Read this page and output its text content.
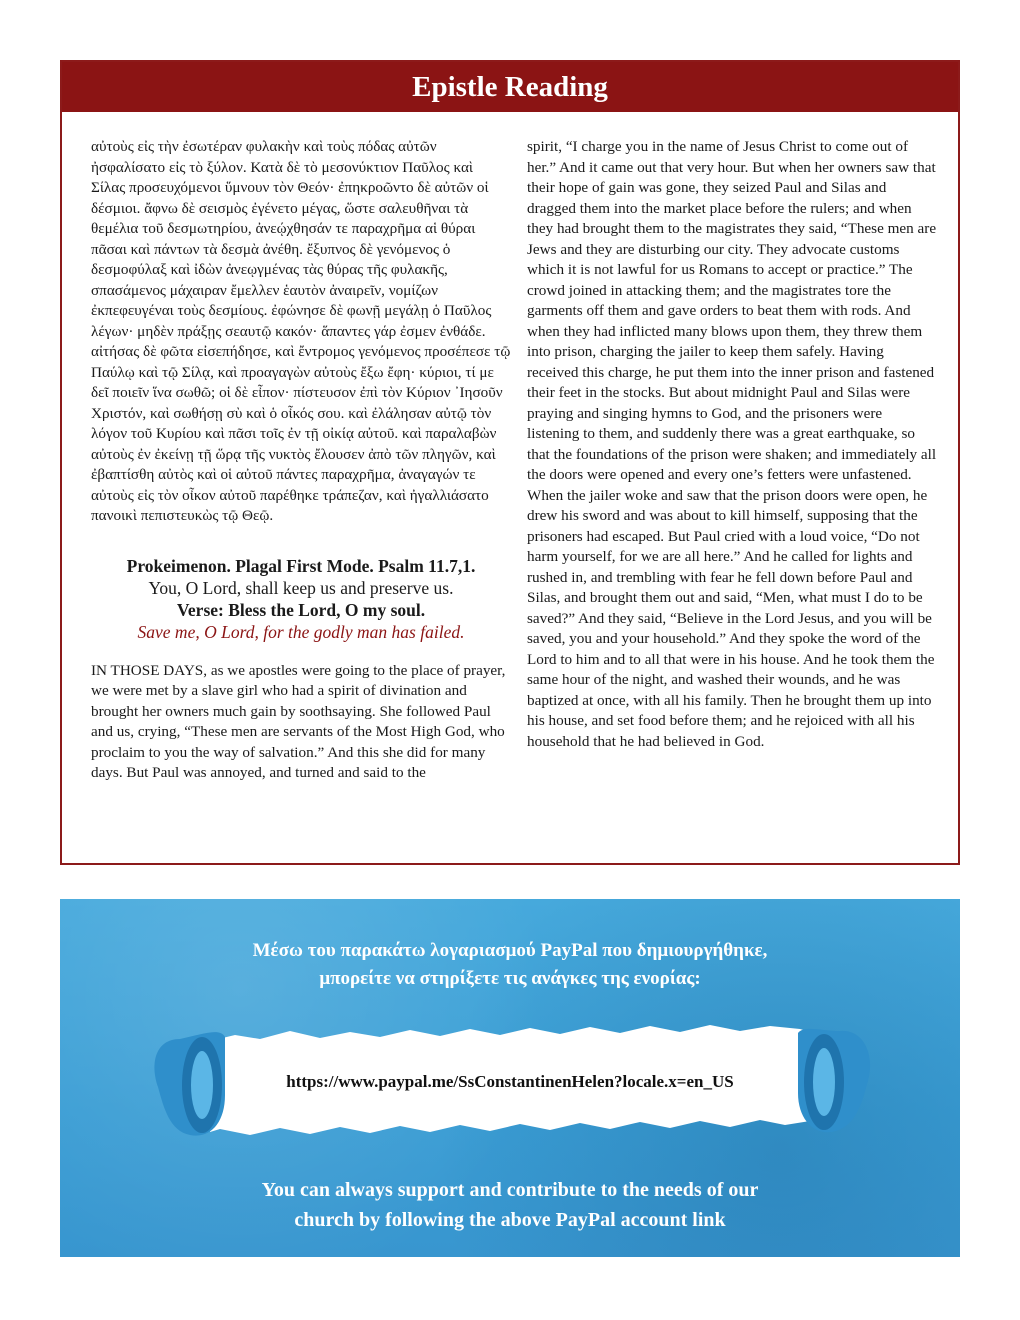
Epistle Reading

αὐτοὺς εἰς τὴν ἐσωτέραν φυλακὴν καὶ τοὺς πόδας αὐτῶν ἠσφαλίσατο εἰς τὸ ξύλον. Κατὰ δὲ τὸ μεσονύκτιον Παῦλος καὶ Σίλας προσευχόμενοι ὕμνουν τὸν Θεόν· ἐπηκροῶντο δὲ αὐτῶν οἱ δέσμιοι. ἄφνω δὲ σεισμὸς ἐγένετο μέγας, ὥστε σαλευθῆναι τὰ θεμέλια τοῦ δεσμωτηρίου, ἀνεῴχθησάν τε παραχρῆμα αἱ θύραι πᾶσαι καὶ πάντων τὰ δεσμὰ ἀνέθη. ἔξυπνος δὲ γενόμενος ὁ δεσμοφύλαξ καὶ ἰδὼν ἀνεῳγμένας τὰς θύρας τῆς φυλακῆς, σπασάμενος μάχαιραν ἔμελλεν ἑαυτὸν ἀναιρεῖν, νομίζων ἐκπεφευγέναι τοὺς δεσμίους. ἐφώνησε δὲ φωνῇ μεγάλῃ ὁ Παῦλος λέγων· μηδὲν πράξῃς σεαυτῷ κακόν· ἅπαντες γάρ ἐσμεν ἐνθάδε. αἰτήσας δὲ φῶτα εἰσεπήδησε, καὶ ἔντρομος γενόμενος προσέπεσε τῷ Παύλῳ καὶ τῷ Σίλᾳ, καὶ προαγαγὼν αὐτοὺς ἔξω ἔφη· κύριοι, τί με δεῖ ποιεῖν ἵνα σωθῶ; οἱ δὲ εἶπον· πίστευσον ἐπὶ τὸν Κύριον ᾿Ιησοῦν Χριστόν, καὶ σωθήσῃ σὺ καὶ ὁ οἶκός σου. καὶ ἐλάλησαν αὐτῷ τὸν λόγον τοῦ Κυρίου καὶ πᾶσι τοῖς ἐν τῇ οἰκίᾳ αὐτοῦ. καὶ παραλαβὼν αὐτοὺς ἐν ἐκείνῃ τῇ ὥρᾳ τῆς νυκτὸς ἔλουσεν ἀπὸ τῶν πληγῶν, καὶ ἐβαπτίσθη αὐτὸς καὶ οἱ αὐτοῦ πάντες παραχρῆμα, ἀναγαγών τε αὐτοὺς εἰς τὸν οἶκον αὐτοῦ παρέθηκε τράπεζαν, καὶ ἠγαλλιάσατο πανοικὶ πεπιστευκὼς τῷ Θεῷ.

Prokeimenon. Plagal First Mode. Psalm 11.7,1.
You, O Lord, shall keep us and preserve us.
Verse: Bless the Lord, O my soul.
Save me, O Lord, for the godly man has failed.

IN THOSE DAYS, as we apostles were going to the place of prayer, we were met by a slave girl who had a spirit of divination and brought her owners much gain by soothsaying. She followed Paul and us, crying, “These men are servants of the Most High God, who proclaim to you the way of salvation.” And this she did for many days. But Paul was annoyed, and turned and said to the

spirit, “I charge you in the name of Jesus Christ to come out of her.” And it came out that very hour. But when her owners saw that their hope of gain was gone, they seized Paul and Silas and dragged them into the market place before the rulers; and when they had brought them to the magistrates they said, “These men are Jews and they are disturbing our city. They advocate customs which it is not lawful for us Romans to accept or practice.” The crowd joined in attacking them; and the magistrates tore the garments off them and gave orders to beat them with rods. And when they had inflicted many blows upon them, they threw them into prison, charging the jailer to keep them safely. Having received this charge, he put them into the inner prison and fastened their feet in the stocks. But about midnight Paul and Silas were praying and singing hymns to God, and the prisoners were listening to them, and suddenly there was a great earthquake, so that the foundations of the prison were shaken; and immediately all the doors were opened and every one’s fetters were unfastened. When the jailer woke and saw that the prison doors were open, he drew his sword and was about to kill himself, supposing that the prisoners had escaped. But Paul cried with a loud voice, “Do not harm yourself, for we are all here.” And he called for lights and rushed in, and trembling with fear he fell down before Paul and Silas, and brought them out and said, “Men, what must I do to be saved?” And they said, “Believe in the Lord Jesus, and you will be saved, you and your household.” And they spoke the word of the Lord to him and to all that were in his house. And he took them the same hour of the night, and washed their wounds, and he was baptized at once, with all his family. Then he brought them up into his house, and set food before them; and he rejoiced with all his household that he had believed in God.

Μέσω του παρακάτω λογαριασμού PayPal που δημιουργήθηκε,
μπορείτε να στηρίξετε τις ανάγκες της ενορίας:
https://www.paypal.me/SsConstantinenHelen?locale.x=en_US
You can always support and contribute to the needs of our
church by following the above PayPal account link
